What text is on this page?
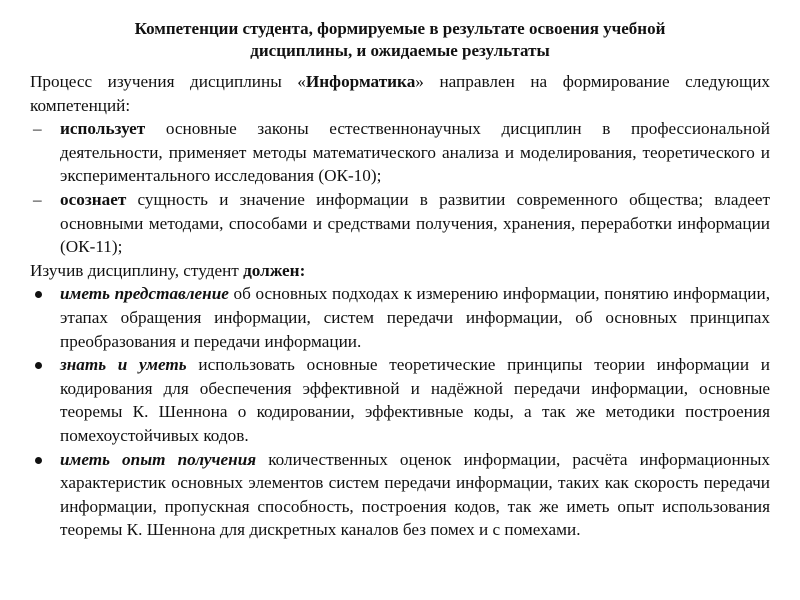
Компетенции студента, формируемые в результате освоения учебной
дисциплины, и ожидаемые результаты

Процесс изучения дисциплины «Информатика» направлен на формирование следующих компетенций:

–	использует основные законы естественнонаучных дисциплин в профессиональной деятельности, применяет методы математического анализа и моделирования, теоретического и экспериментального исследования (ОК-10);
–	осознает сущность и значение информации в развитии современного общества; владеет основными методами, способами и средствами получения, хранения, переработки информации (ОК-11);

Изучив дисциплину, студент должен:

иметь представление об основных подходах к измерению информации, понятию информации, этапах обращения информации, систем передачи информации, об основных принципах преобразования и передачи информации.
знать и уметь использовать основные теоретические принципы теории информации и кодирования для обеспечения эффективной и надёжной передачи информации, основные теоремы К. Шеннона о кодировании, эффективные коды, а так же методики построения помехоустойчивых кодов.
иметь опыт получения количественных оценок информации, расчёта информационных характеристик основных элементов систем передачи информации, таких как скорость передачи информации, пропускная способность, построения кодов, так же иметь опыт использования теоремы К. Шеннона для дискретных каналов без помех и с помехами.
